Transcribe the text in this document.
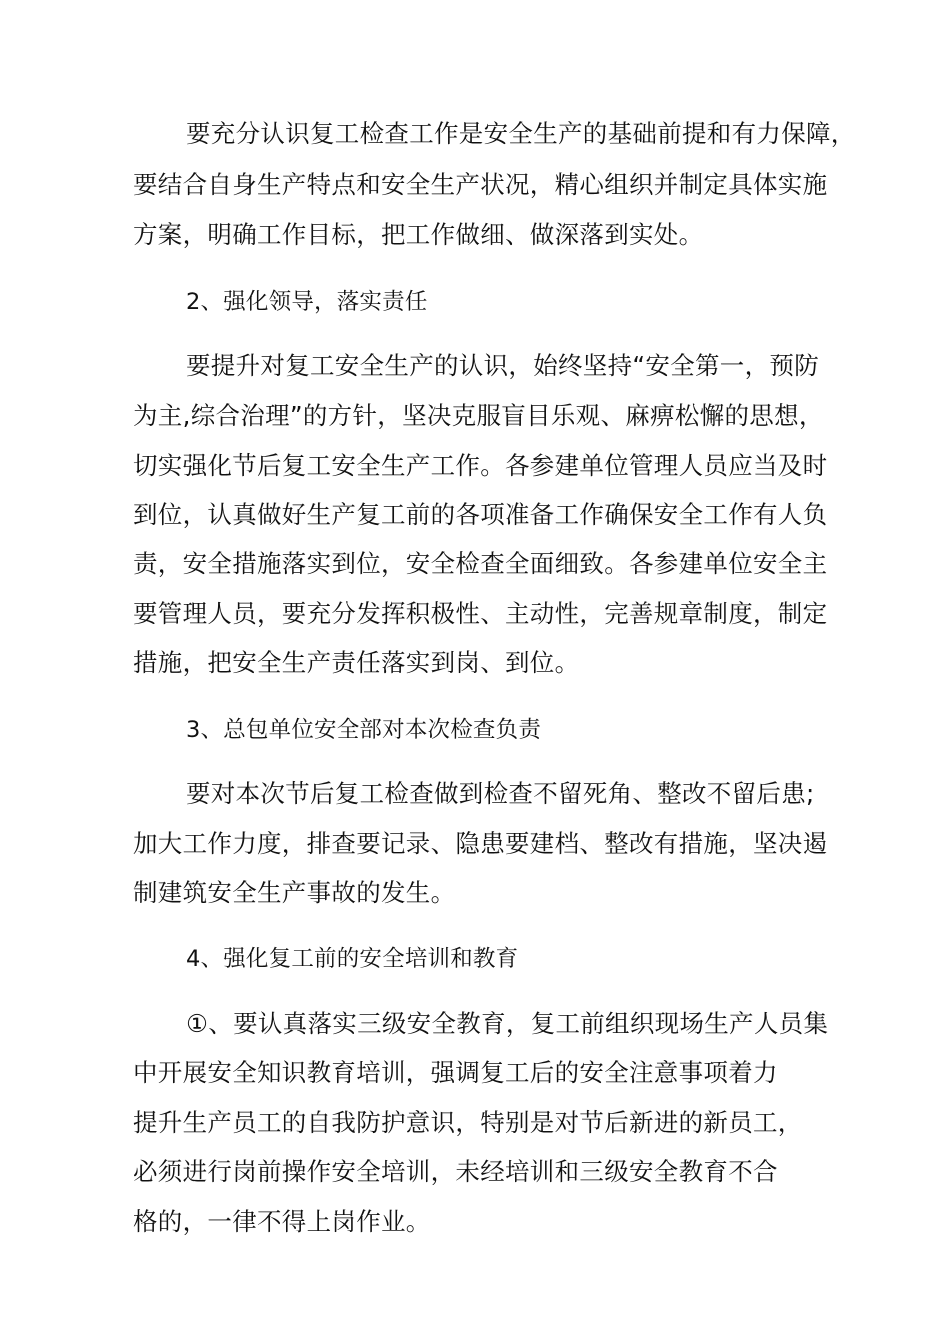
要充分认识复工检查工作是安全生产的基础前提和有力保障，
要结合自身生产特点和安全生产状况，精心组织并制定具体实施
方案，明确工作目标，把工作做细、做深落到实处。
2、强化领导，落实责任
要提升对复工安全生产的认识，始终坚持“安全第一，预防
为主,综合治理”的方针，坚决克服盲目乐观、麻痹松懈的思想，
切实强化节后复工安全生产工作。各参建单位管理人员应当及时
到位，认真做好生产复工前的各项准备工作确保安全工作有人负
责，安全措施落实到位，安全检查全面细致。各参建单位安全主
要管理人员，要充分发挥积极性、主动性，完善规章制度，制定
措施，把安全生产责任落实到岗、到位。
3、总包单位安全部对本次检查负责
要对本次节后复工检查做到检查不留死角、整改不留后患;
加大工作力度，排查要记录、隐患要建档、整改有措施，坚决遏
制建筑安全生产事故的发生。
4、强化复工前的安全培训和教育
①、要认真落实三级安全教育，复工前组织现场生产人员集
中开展安全知识教育培训，强调复工后的安全注意事项着力
提升生产员工的自我防护意识，特别是对节后新进的新员工，
必须进行岗前操作安全培训，未经培训和三级安全教育不合
格的，一律不得上岗作业。
